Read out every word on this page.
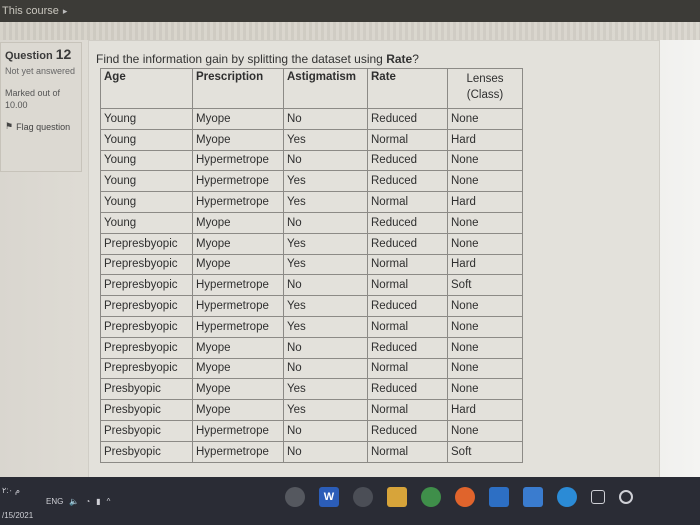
This course ▸
Question 12
Not yet answered
Marked out of 10.00
⚑ Flag question
Find the information gain by splitting the dataset using Rate?
Age	Prescription	Astigmatism	Rate	Lenses
(Class)

Young	Myope	No	Reduced	None
Young	Myope	Yes	Normal	Hard
Young	Hypermetrope	No	Reduced	None
Young	Hypermetrope	Yes	Reduced	None
Young	Hypermetrope	Yes	Normal	Hard
Young	Myope	No	Reduced	None
Prepresbyopic	Myope	Yes	Reduced	None
Prepresbyopic	Myope	Yes	Normal	Hard
Prepresbyopic	Hypermetrope	No	Normal	Soft
Prepresbyopic	Hypermetrope	Yes	Reduced	None
Prepresbyopic	Hypermetrope	Yes	Normal	None
Prepresbyopic	Myope	No	Reduced	None
Prepresbyopic	Myope	No	Normal	None
Presbyopic	Myope	Yes	Reduced	None
Presbyopic	Myope	Yes	Normal	Hard
Presbyopic	Hypermetrope	No	Reduced	None
Presbyopic	Hypermetrope	No	Normal	Soft
م ٢:٠
/15/2021
ENG 🔈 ◔ ▮ ^	W
